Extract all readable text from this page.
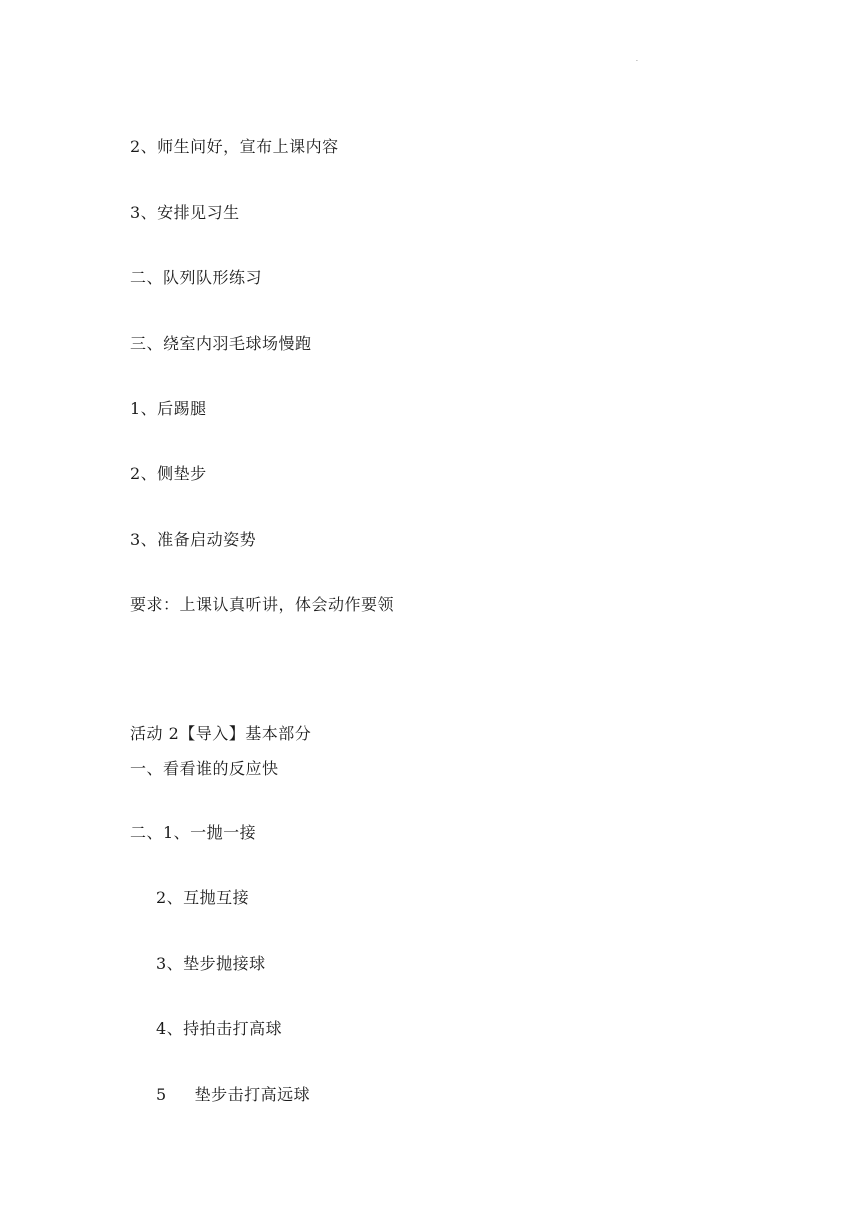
·
2、师生问好，宣布上课内容
3、安排见习生
二、队列队形练习
三、绕室内羽毛球场慢跑
1、后踢腿
2、侧垫步
3、准备启动姿势
要求：上课认真听讲，体会动作要领
活动 2【导入】基本部分
一、看看谁的反应快
二、1、一抛一接
2、互抛互接
3、垫步抛接球
4、持拍击打高球
5     垫步击打高远球
